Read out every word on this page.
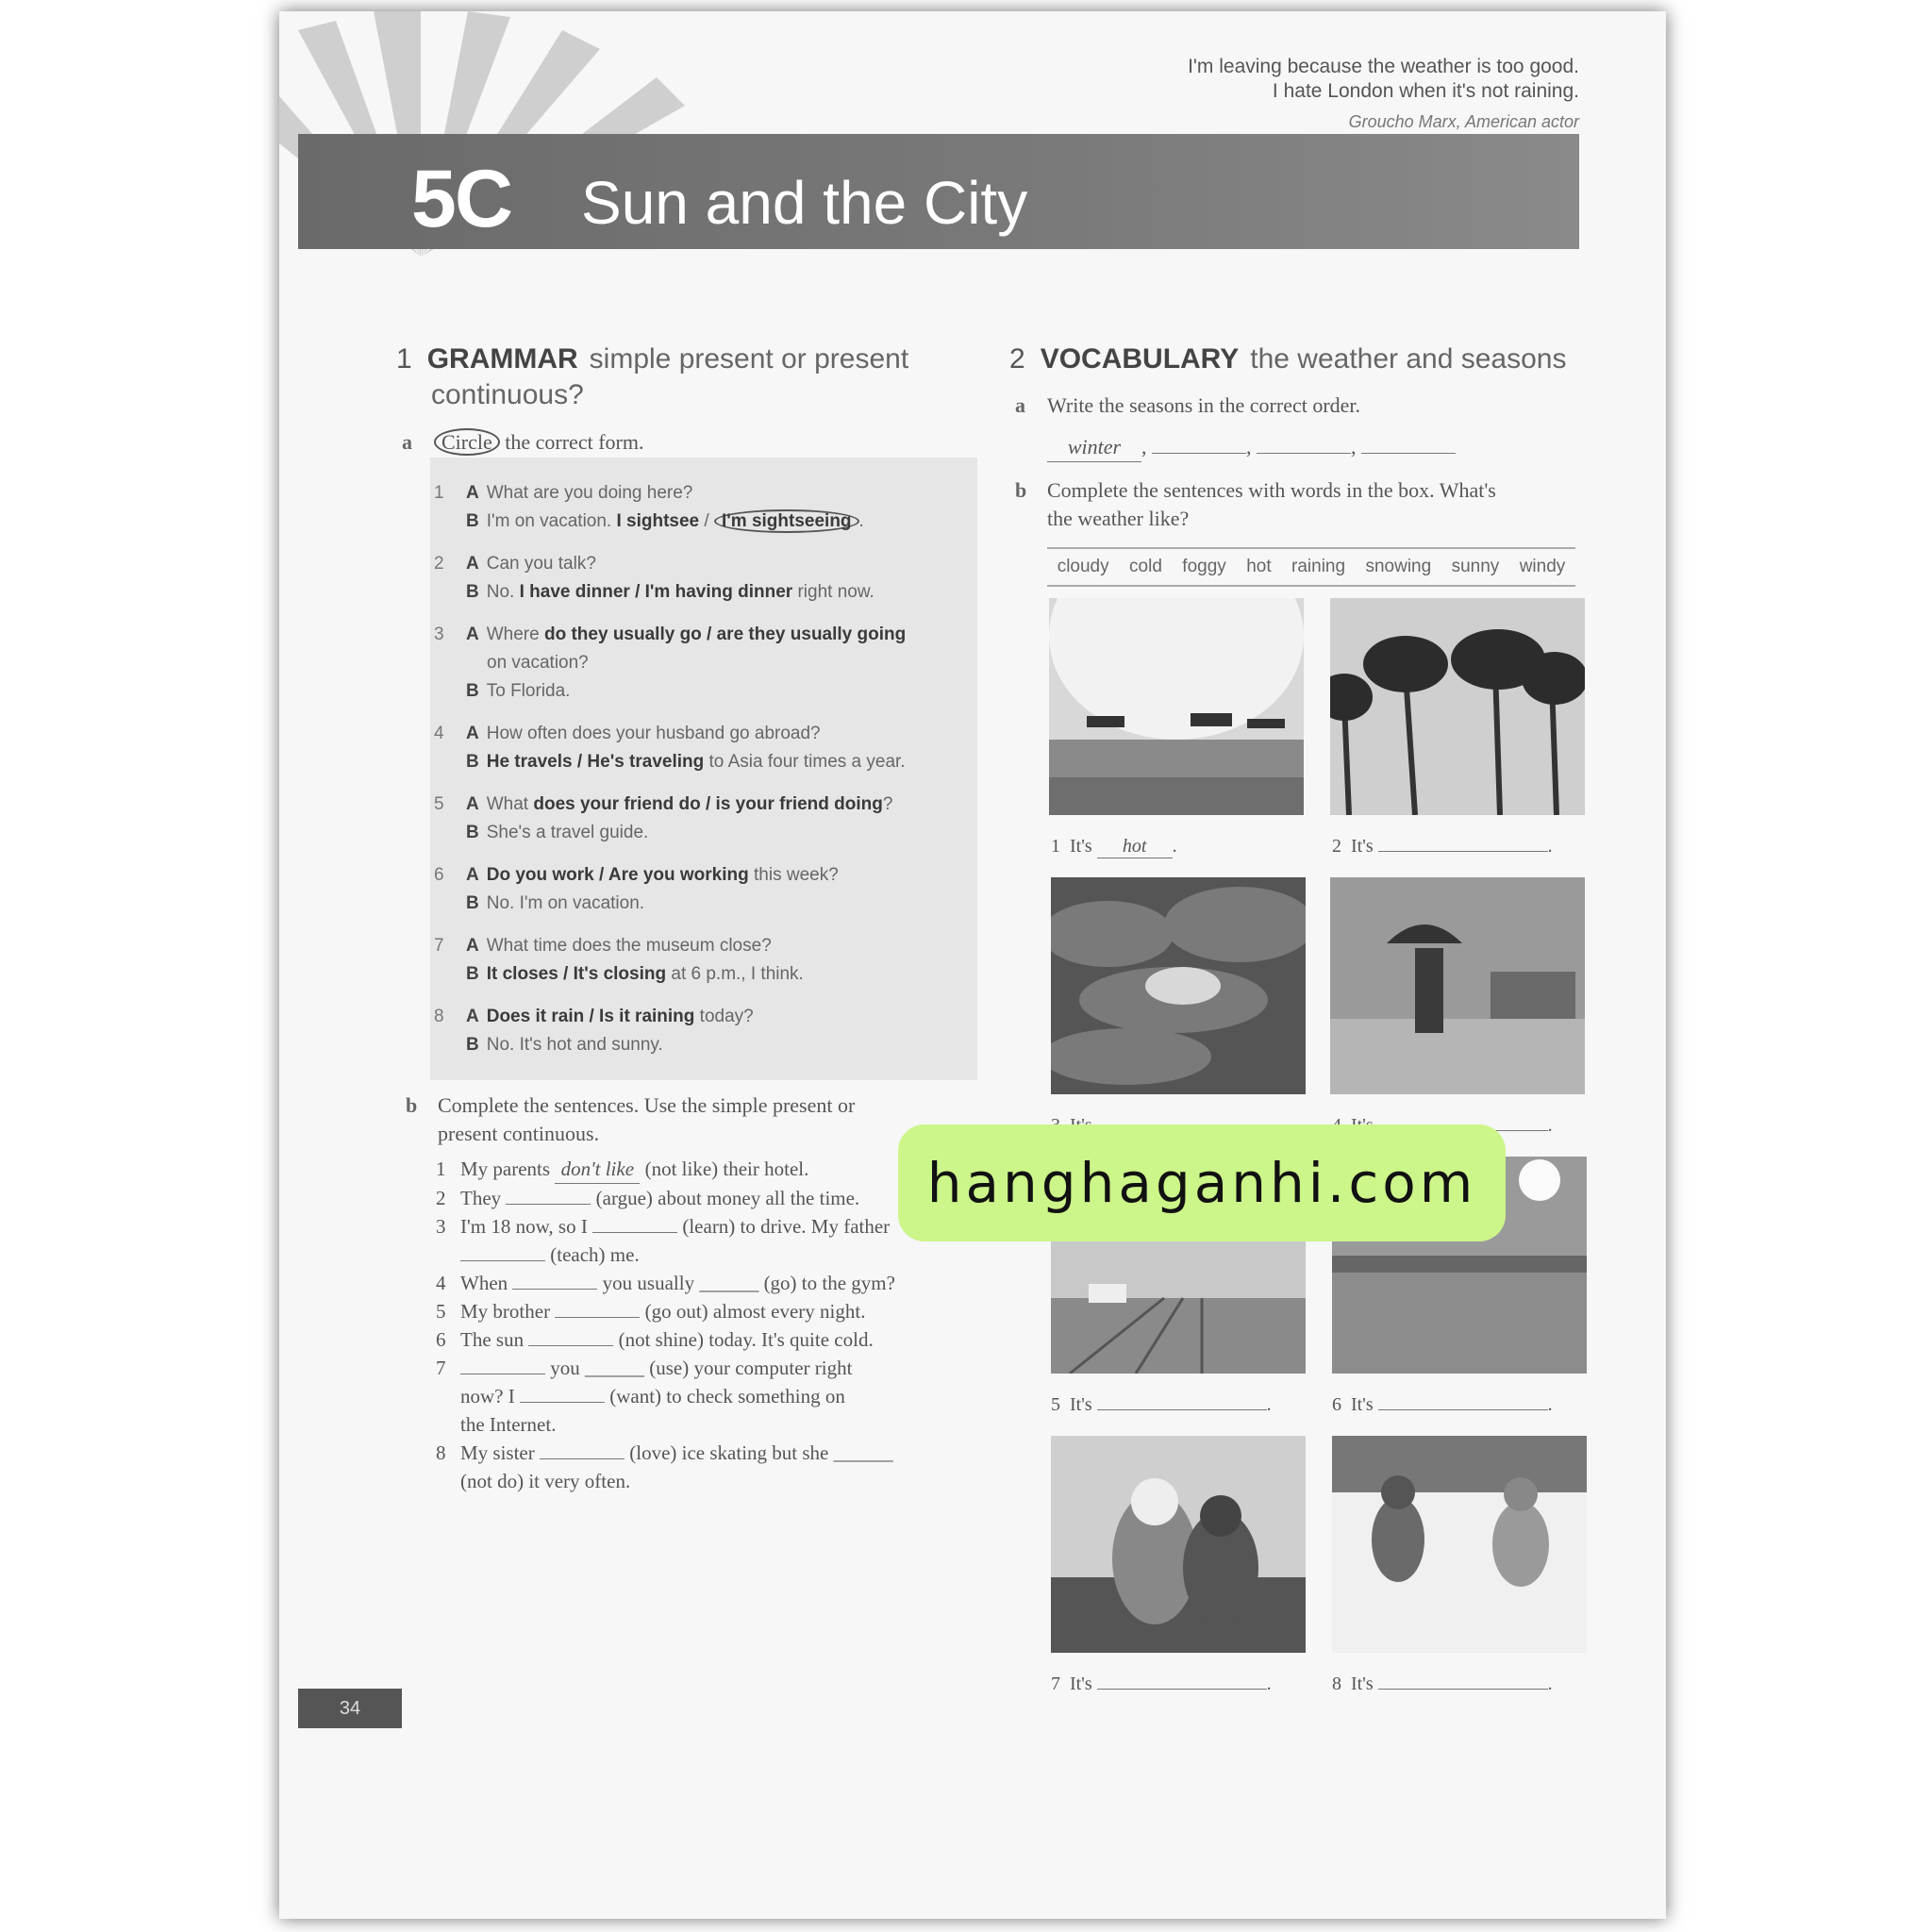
I'm leaving because the weather is too good.
I hate London when it's not raining.
Groucho Marx, American actor
5C Sun and the City
1 GRAMMAR simple present or present
continuous?
a Circle the correct form.
1 A What are you doing here?
B I'm on vacation. I sightsee / I'm sightseeing .
2 A Can you talk?
B No. I have dinner / I'm having dinner right now.
3 A Where do they usually go / are they usually going
on vacation?
B To Florida.
4 A How often does your husband go abroad?
B He travels / He's traveling to Asia four times a year.
5 A What does your friend do / is your friend doing?
B She's a travel guide.
6 A Do you work / Are you working this week?
B No. I'm on vacation.
7 A What time does the museum close?
B It closes / It's closing at 6 p.m., I think.
8 A Does it rain / Is it raining today?
B No. It's hot and sunny.
b Complete the sentences. Use the simple present or
present continuous.
1 My parents don't like (not like) their hotel.
2 They	(argue) about money all the time.
3 I'm 18 now, so I	(learn) to drive. My father
(teach) me.
4 When	you usually ______ (go) to the gym?
5 My brother	(go out) almost every night.
6 The sun	(not shine) today. It's quite cold.
7	you ______ (use) your computer right
now? I	(want) to check something on
the Internet.
8 My sister	(love) ice skating but she ______
(not do) it very often.
2 VOCABULARY the weather and seasons
a Write the seasons in the correct order.
winter ,	,	,
b Complete the sentences with words in the box. What's
the weather like?
cloudy cold foggy hot raining snowing sunny windy
1 It's hot .	2 It's	.

.
5 It's	.	6 It's	.
7 It's	.	8 It's	.
34
hanghaganhi.com
